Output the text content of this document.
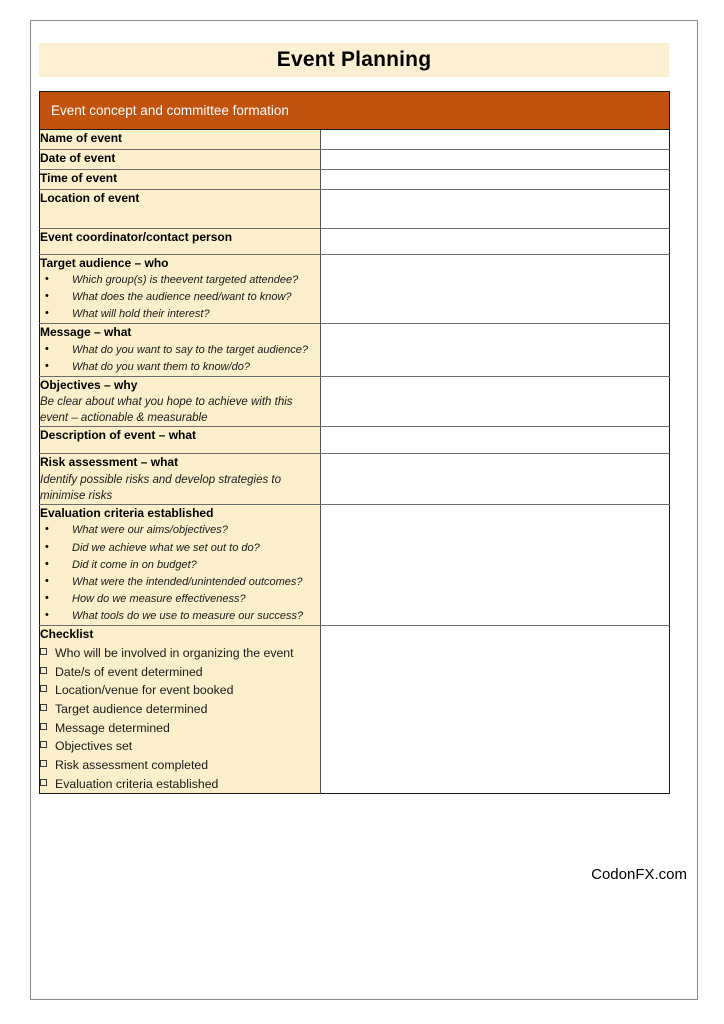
Event Planning
Event concept and committee formation	

Name of event	

Date of event	

Time of event	

Location of event	

Event coordinator/contact person	

Target audience – who
• Which group(s) is theevent targeted attendee?
• What does the audience need/want to know?
• What will hold their interest?

Message – what
• What do you want to say to the target audience?
• What do you want them to know/do?

Objectives – why
Be clear about what you hope to achieve with this event – actionable & measurable	

Description of event – what	

Risk assessment – what
Identify possible risks and develop strategies to minimise risks	

Evaluation criteria established
• What were our aims/objectives?
• Did we achieve what we set out to do?
• Did it come in on budget?
• What were the intended/unintended outcomes?
• How do we measure effectiveness?
• What tools do we use to measure our success?

Checklist
Who will be involved in organizing the event
Date/s of event determined
Location/venue for event booked
Target audience determined
Message determined
Objectives set
Risk assessment completed
Evaluation criteria established

CodonFX.com
